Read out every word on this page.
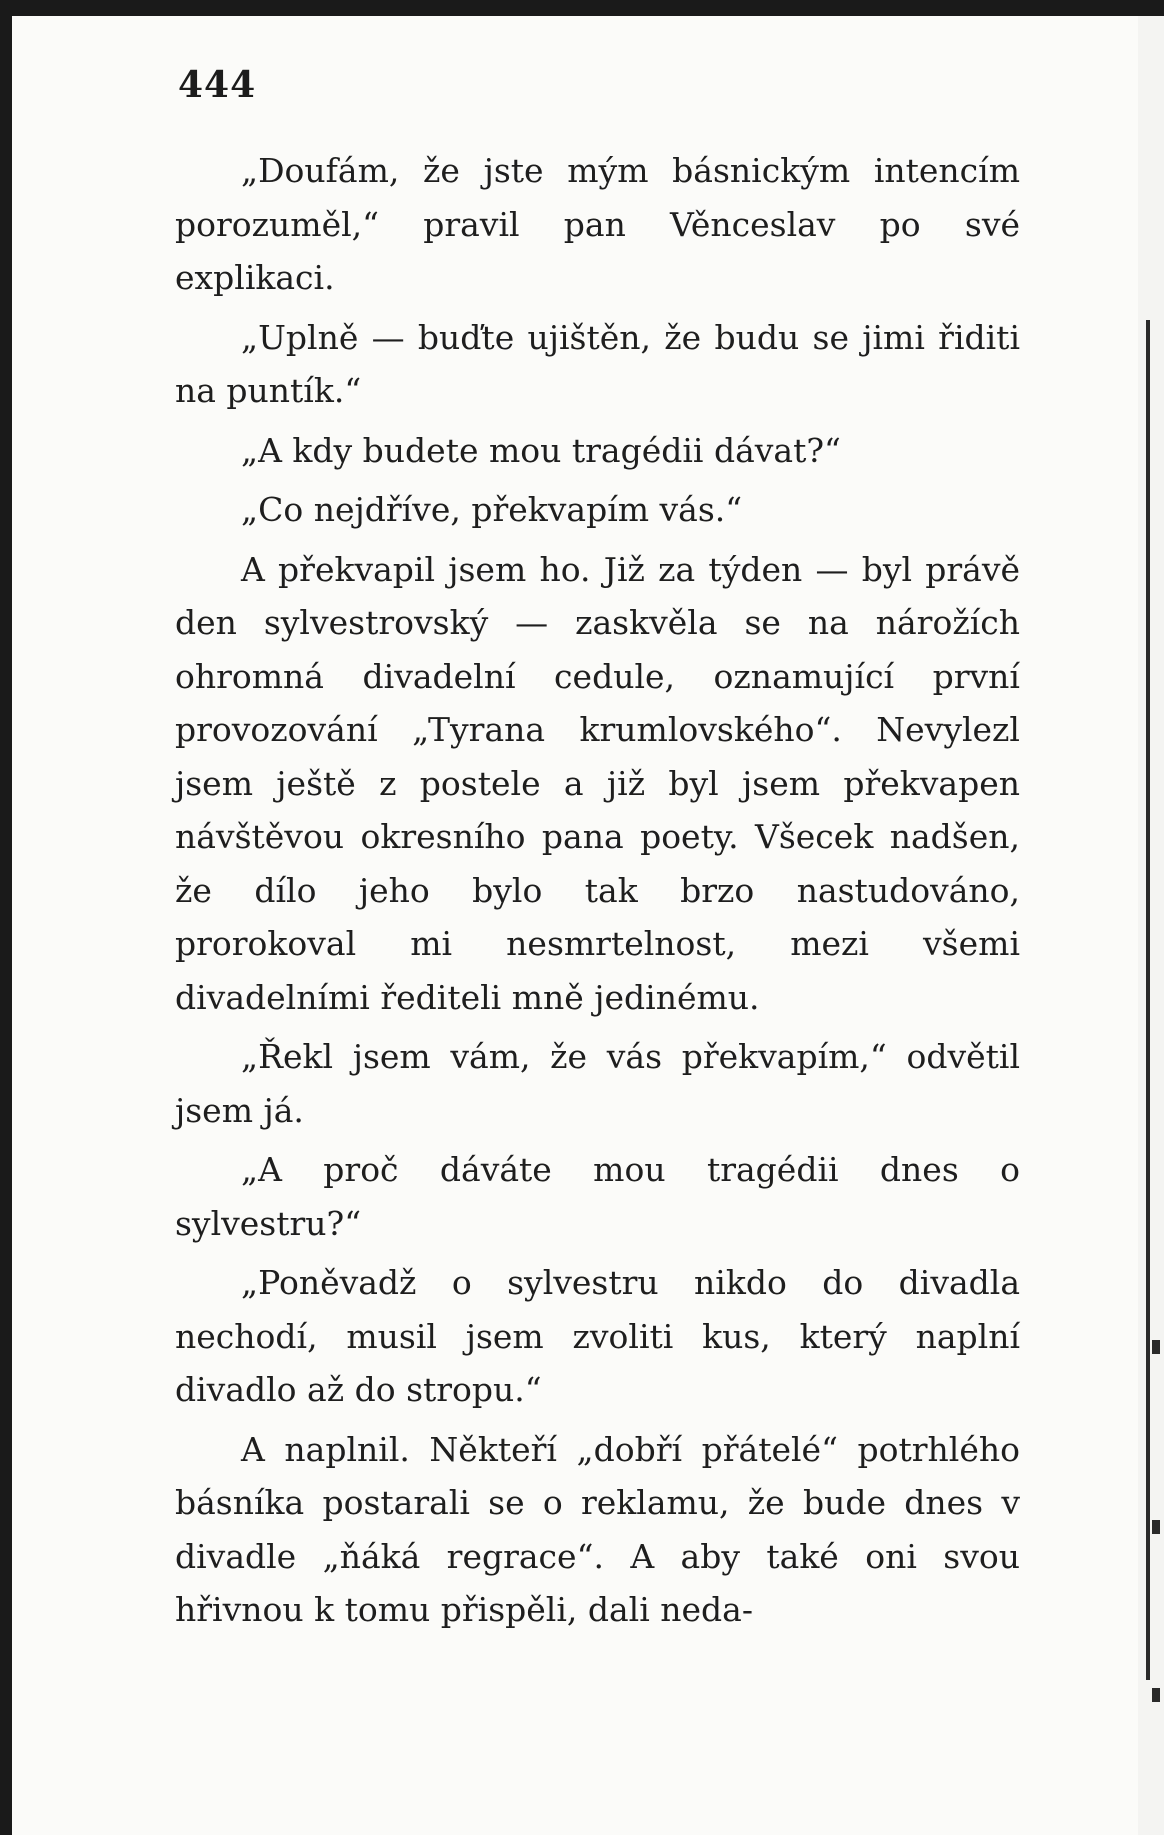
444

„Doufám, že jste mým básnickým intencím porozuměl,“ pravil pan Věnceslav po své explikaci.

„Uplně — buďte ujištěn, že budu se jimi řiditi na puntík.“

„A kdy budete mou tragédii dávat?“

„Co nejdříve, překvapím vás.“

A překvapil jsem ho. Již za týden — byl právě den sylvestrovský — zaskvěla se na nárožích ohromná divadelní cedule, oznamující první provozování „Tyrana krumlovského“. Nevylezl jsem ještě z postele a již byl jsem překvapen návštěvou okresního pana poety. Všecek nadšen, že dílo jeho bylo tak brzo nastudováno, prorokoval mi nesmrtelnost, mezi všemi divadelními řediteli mně jedinému.

„Řekl jsem vám, že vás překvapím,“ odvětil jsem já.

„A proč dáváte mou tragédii dnes o sylvestru?“

„Poněvadž o sylvestru nikdo do divadla nechodí, musil jsem zvoliti kus, který naplní divadlo až do stropu.“

A naplnil. Někteří „dobří přátelé“ potrhlého básníka postarali se o reklamu, že bude dnes v divadle „ňáká regrace“. A aby také oni svou hřivnou k tomu přispěli, dali neda-
